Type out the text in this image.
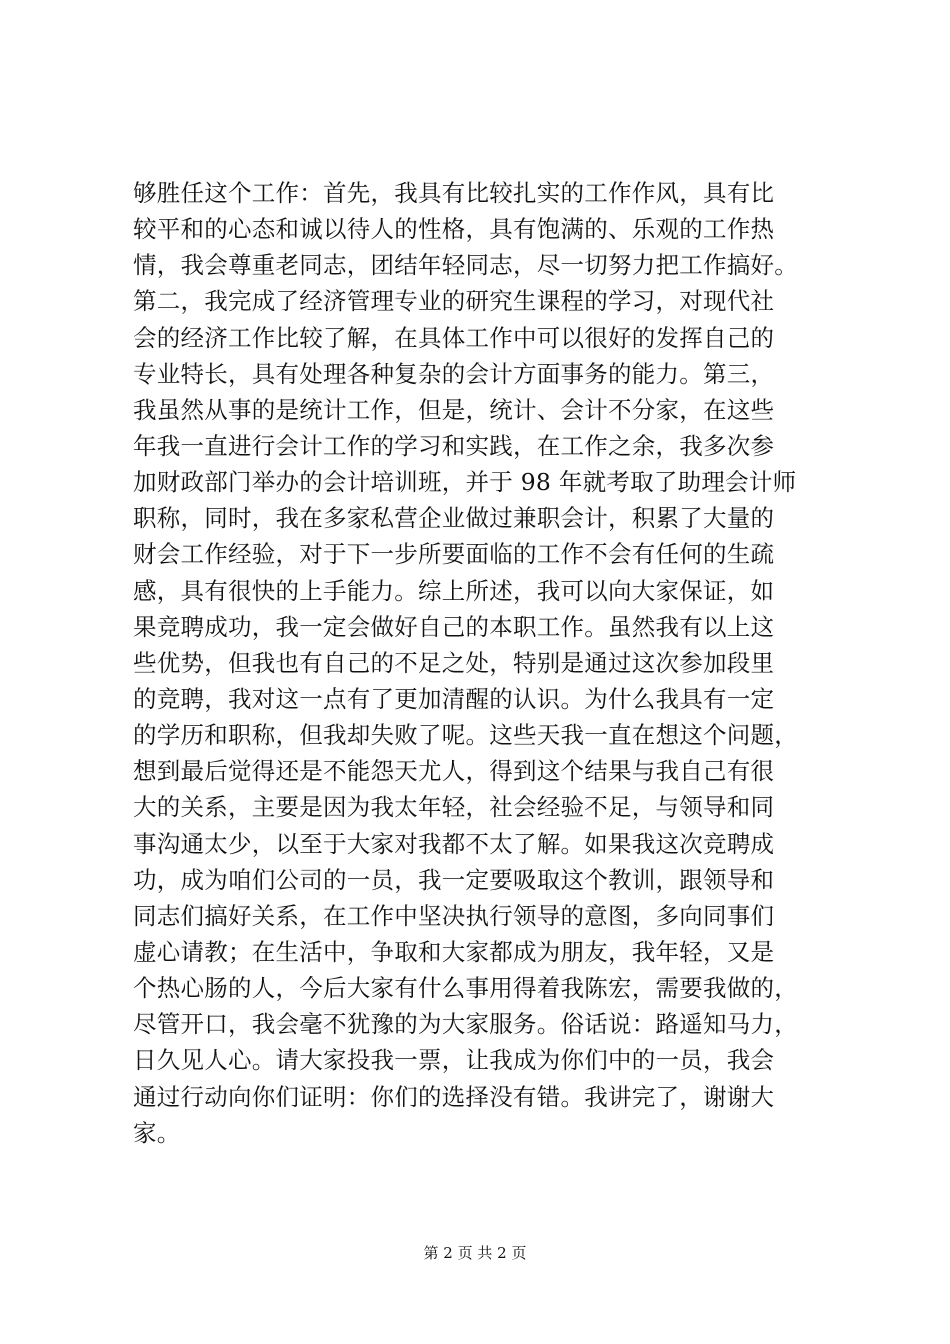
够胜任这个工作：首先，我具有比较扎实的工作作风，具有比
较平和的心态和诚以待人的性格，具有饱满的、乐观的工作热
情，我会尊重老同志，团结年轻同志，尽一切努力把工作搞好。
第二，我完成了经济管理专业的研究生课程的学习，对现代社
会的经济工作比较了解，在具体工作中可以很好的发挥自己的
专业特长，具有处理各种复杂的会计方面事务的能力。第三，
我虽然从事的是统计工作，但是，统计、会计不分家，在这些
年我一直进行会计工作的学习和实践，在工作之余，我多次参
加财政部门举办的会计培训班，并于 98 年就考取了助理会计师
职称，同时，我在多家私营企业做过兼职会计，积累了大量的
财会工作经验，对于下一步所要面临的工作不会有任何的生疏
感，具有很快的上手能力。综上所述，我可以向大家保证，如
果竞聘成功，我一定会做好自己的本职工作。虽然我有以上这
些优势，但我也有自己的不足之处，特别是通过这次参加段里
的竞聘，我对这一点有了更加清醒的认识。为什么我具有一定
的学历和职称，但我却失败了呢。这些天我一直在想这个问题，
想到最后觉得还是不能怨天尤人，得到这个结果与我自己有很
大的关系，主要是因为我太年轻，社会经验不足，与领导和同
事沟通太少，以至于大家对我都不太了解。如果我这次竞聘成
功，成为咱们公司的一员，我一定要吸取这个教训，跟领导和
同志们搞好关系，在工作中坚决执行领导的意图，多向同事们
虚心请教；在生活中，争取和大家都成为朋友，我年轻，又是
个热心肠的人，今后大家有什么事用得着我陈宏，需要我做的，
尽管开口，我会毫不犹豫的为大家服务。俗话说：路遥知马力，
日久见人心。请大家投我一票，让我成为你们中的一员，我会
通过行动向你们证明：你们的选择没有错。我讲完了，谢谢大
家。
第 2 页 共 2 页
